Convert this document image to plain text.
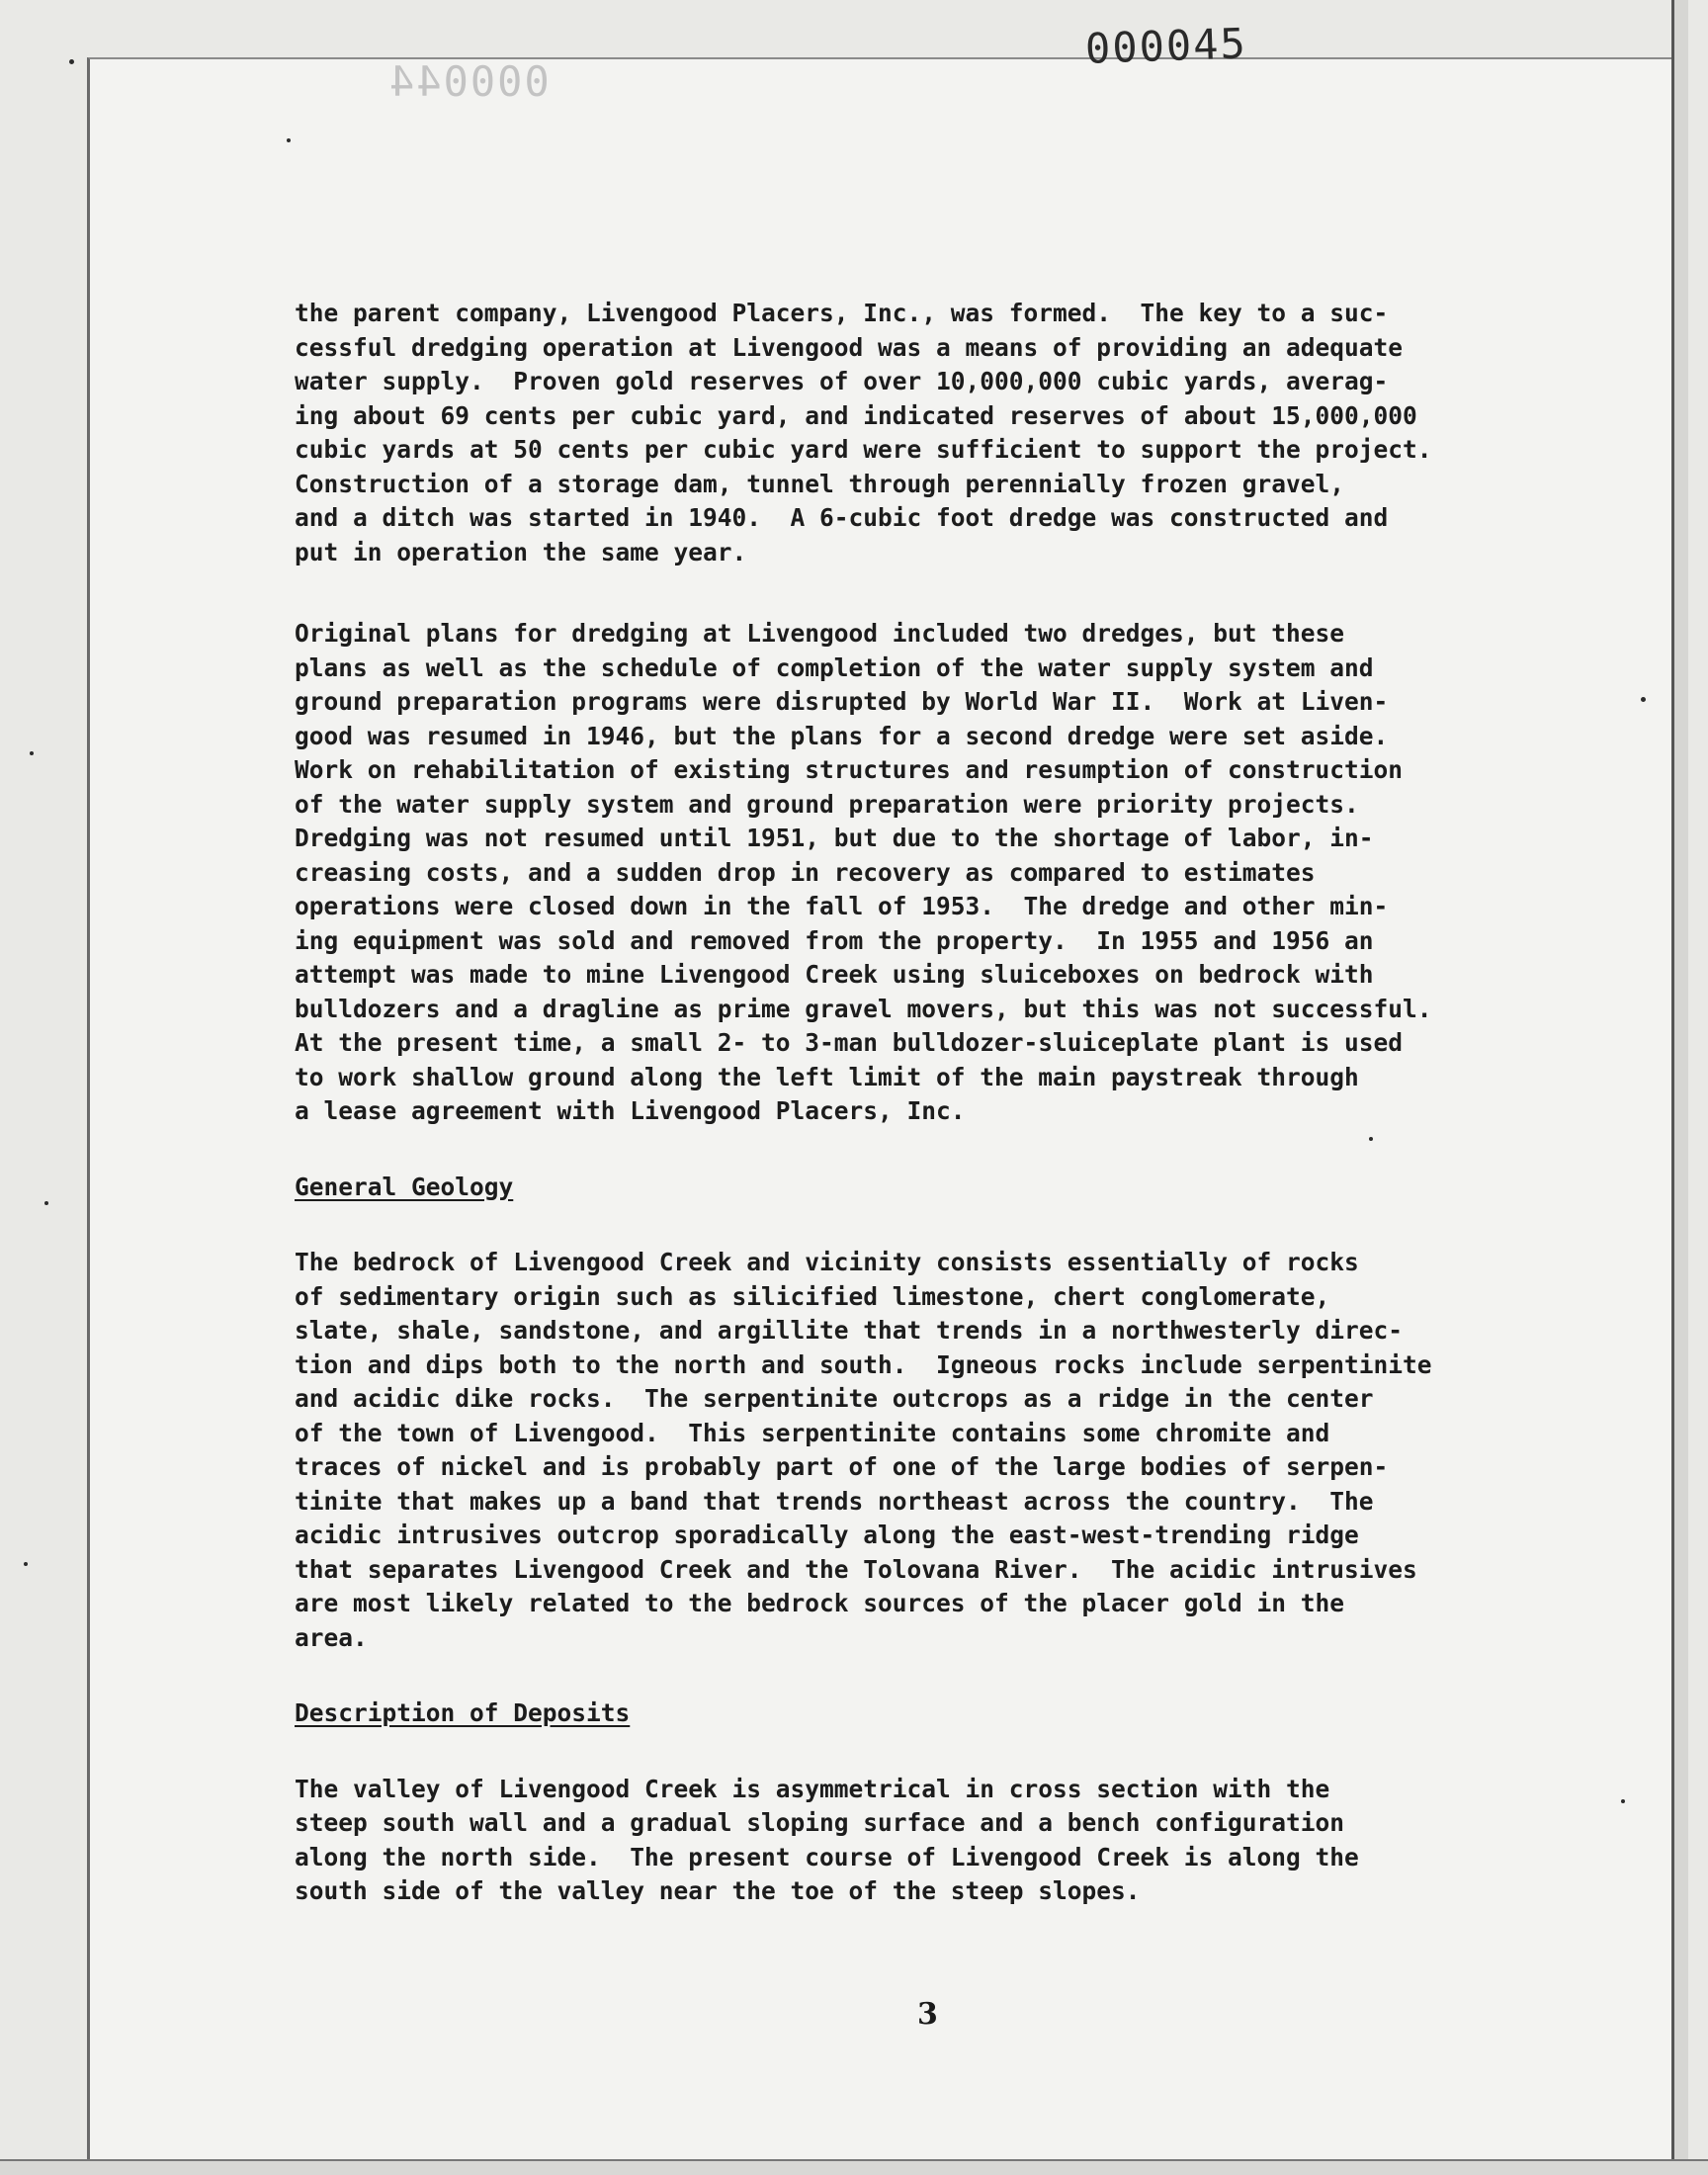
000044
000045

the parent company, Livengood Placers, Inc., was formed.  The key to a suc-

cessful dredging operation at Livengood was a means of providing an adequate

water supply.  Proven gold reserves of over 10,000,000 cubic yards, averag-

ing about 69 cents per cubic yard, and indicated reserves of about 15,000,000

cubic yards at 50 cents per cubic yard were sufficient to support the project.

Construction of a storage dam, tunnel through perennially frozen gravel,

and a ditch was started in 1940.  A 6-cubic foot dredge was constructed and

put in operation the same year.

Original plans for dredging at Livengood included two dredges, but these

plans as well as the schedule of completion of the water supply system and

ground preparation programs were disrupted by World War II.  Work at Liven-

good was resumed in 1946, but the plans for a second dredge were set aside.

Work on rehabilitation of existing structures and resumption of construction

of the water supply system and ground preparation were priority projects.

Dredging was not resumed until 1951, but due to the shortage of labor, in-

creasing costs, and a sudden drop in recovery as compared to estimates

operations were closed down in the fall of 1953.  The dredge and other min-

ing equipment was sold and removed from the property.  In 1955 and 1956 an

attempt was made to mine Livengood Creek using sluiceboxes on bedrock with

bulldozers and a dragline as prime gravel movers, but this was not successful.

At the present time, a small 2- to 3-man bulldozer-sluiceplate plant is used

to work shallow ground along the left limit of the main paystreak through

a lease agreement with Livengood Placers, Inc.

General Geology

The bedrock of Livengood Creek and vicinity consists essentially of rocks

of sedimentary origin such as silicified limestone, chert conglomerate,

slate, shale, sandstone, and argillite that trends in a northwesterly direc-

tion and dips both to the north and south.  Igneous rocks include serpentinite

and acidic dike rocks.  The serpentinite outcrops as a ridge in the center

of the town of Livengood.  This serpentinite contains some chromite and

traces of nickel and is probably part of one of the large bodies of serpen-

tinite that makes up a band that trends northeast across the country.  The

acidic intrusives outcrop sporadically along the east-west-trending ridge

that separates Livengood Creek and the Tolovana River.  The acidic intrusives

are most likely related to the bedrock sources of the placer gold in the

area.

Description of Deposits

The valley of Livengood Creek is asymmetrical in cross section with the

steep south wall and a gradual sloping surface and a bench configuration

along the north side.  The present course of Livengood Creek is along the

south side of the valley near the toe of the steep slopes.

3
